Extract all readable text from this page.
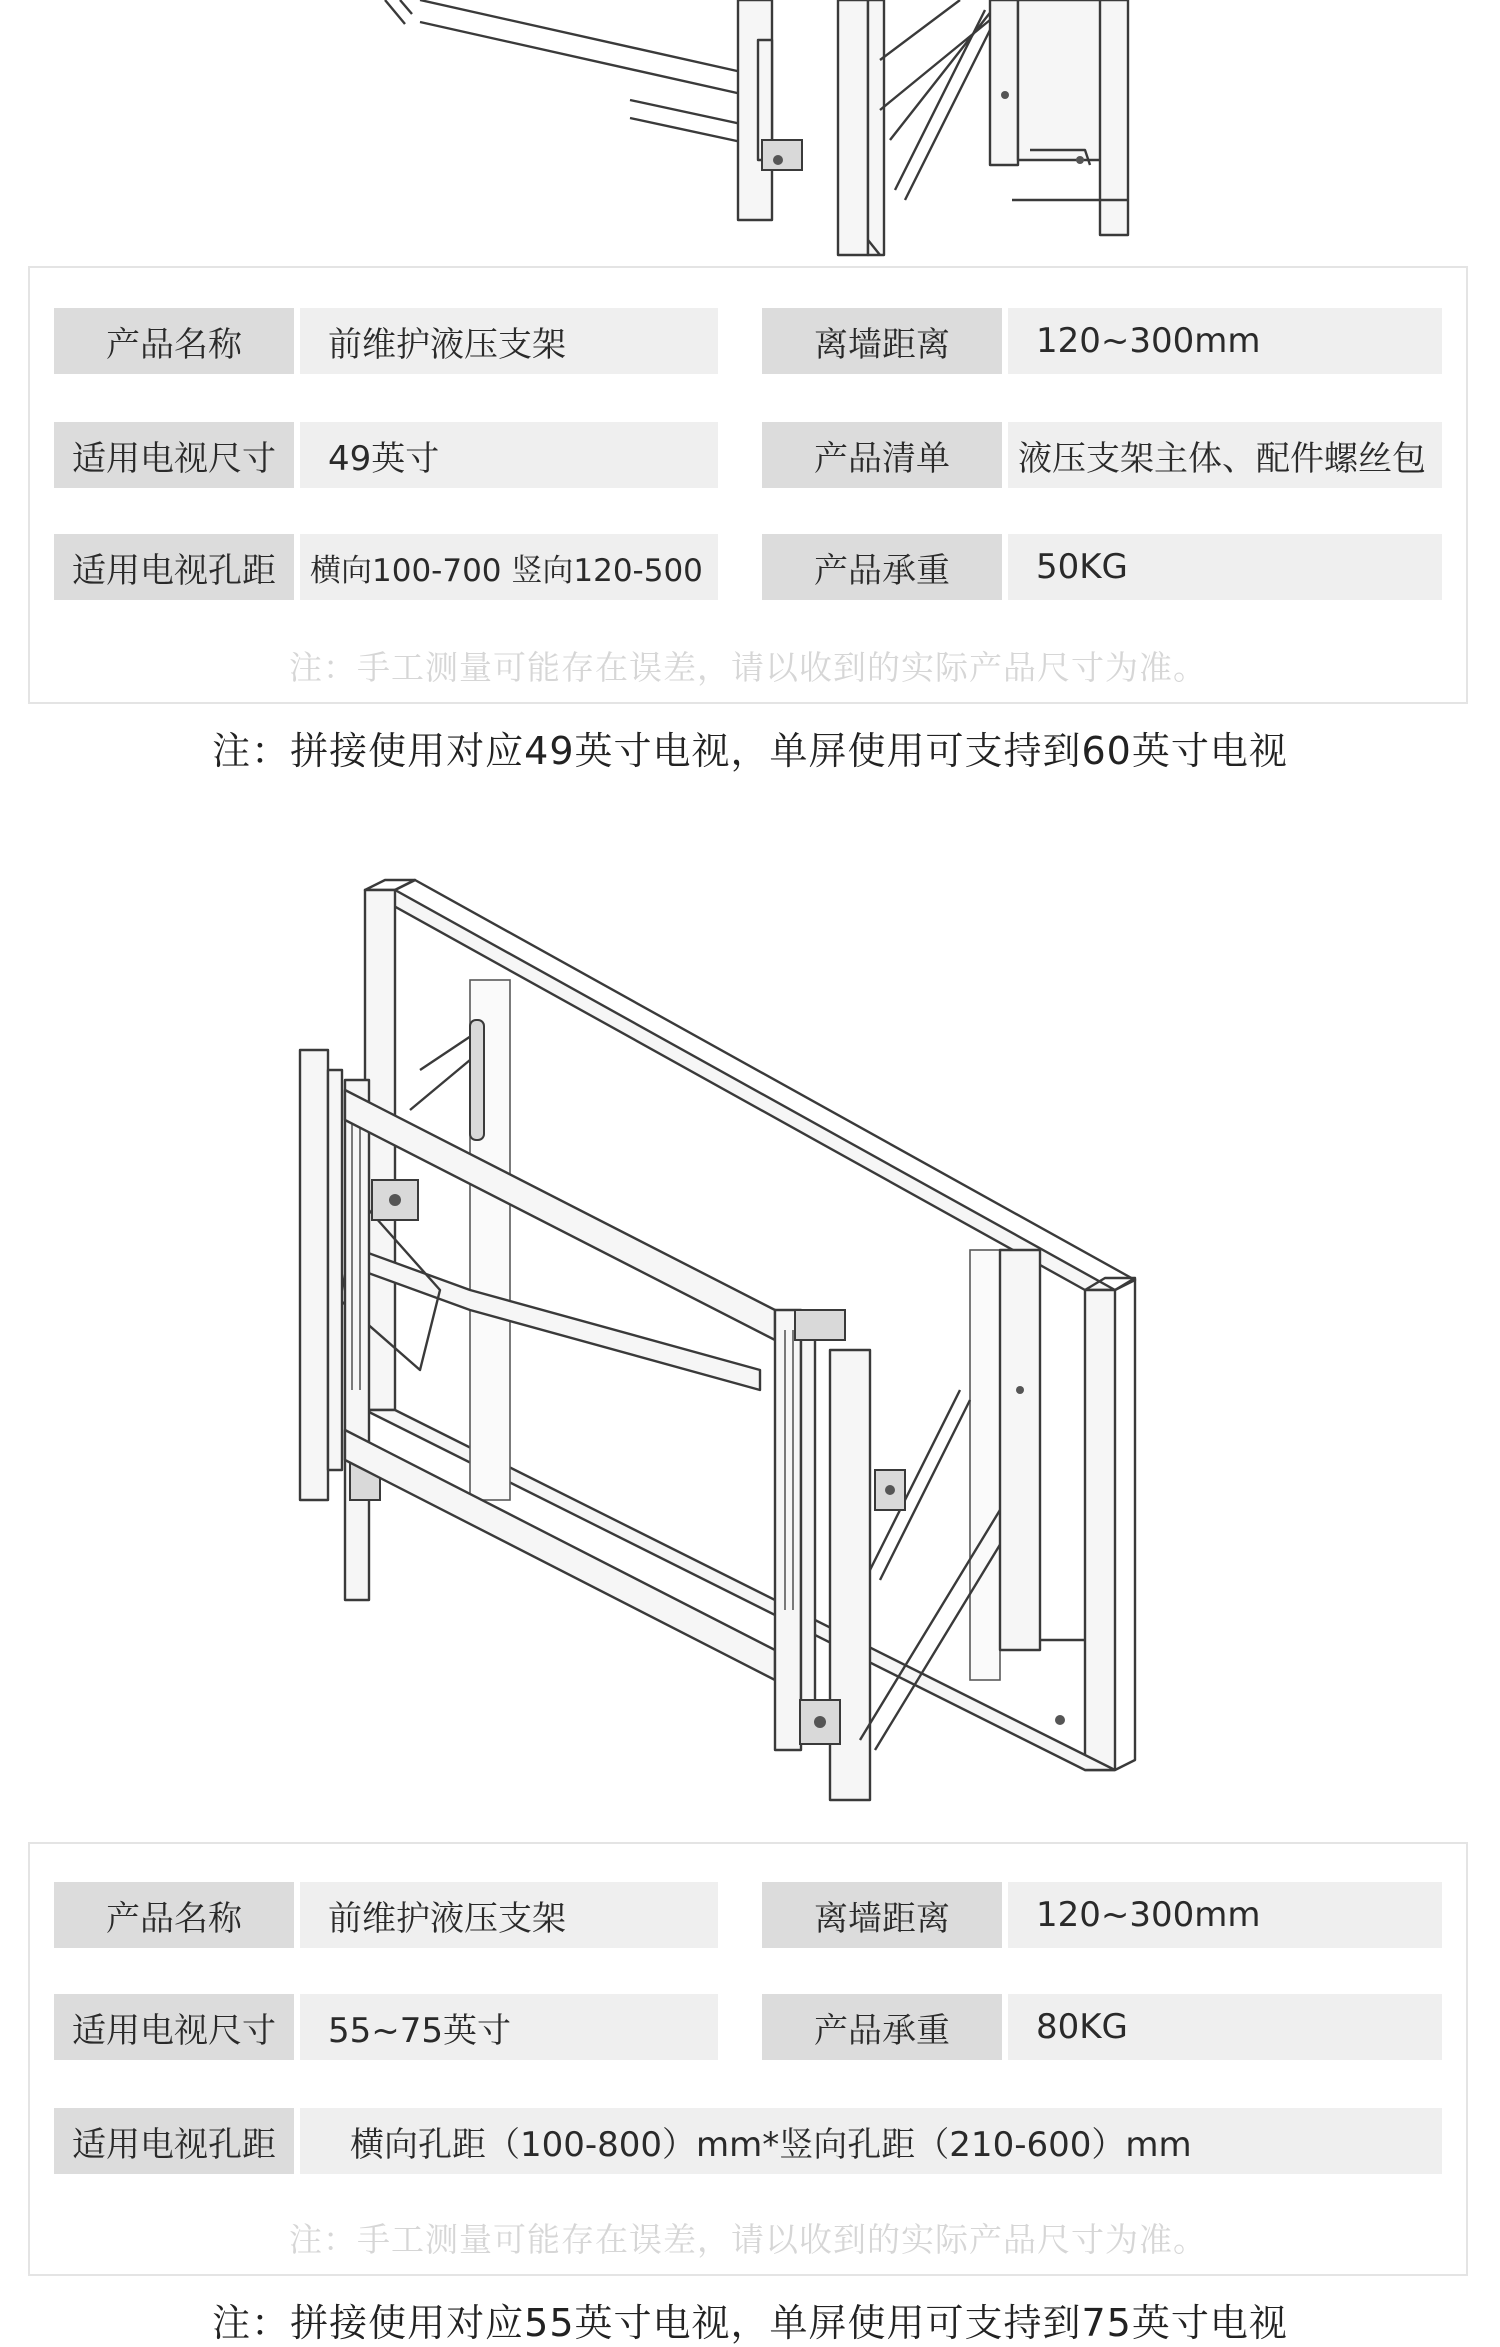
产品名称	前维护液压支架	离墙距离	120~300mm
适用电视尺寸	49英寸	产品清单	液压支架主体、配件螺丝包
适用电视孔距	横向100-700 竖向120-500	产品承重	50KG
注：手工测量可能存在误差，请以收到的实际产品尺寸为准。
注：拼接使用对应49英寸电视，单屏使用可支持到60英寸电视
产品名称	前维护液压支架	离墙距离	120~300mm
适用电视尺寸	55~75英寸	产品承重	80KG
适用电视孔距	横向孔距（100-800）mm*竖向孔距（210-600）mm
注：手工测量可能存在误差，请以收到的实际产品尺寸为准。
注：拼接使用对应55英寸电视，单屏使用可支持到75英寸电视
